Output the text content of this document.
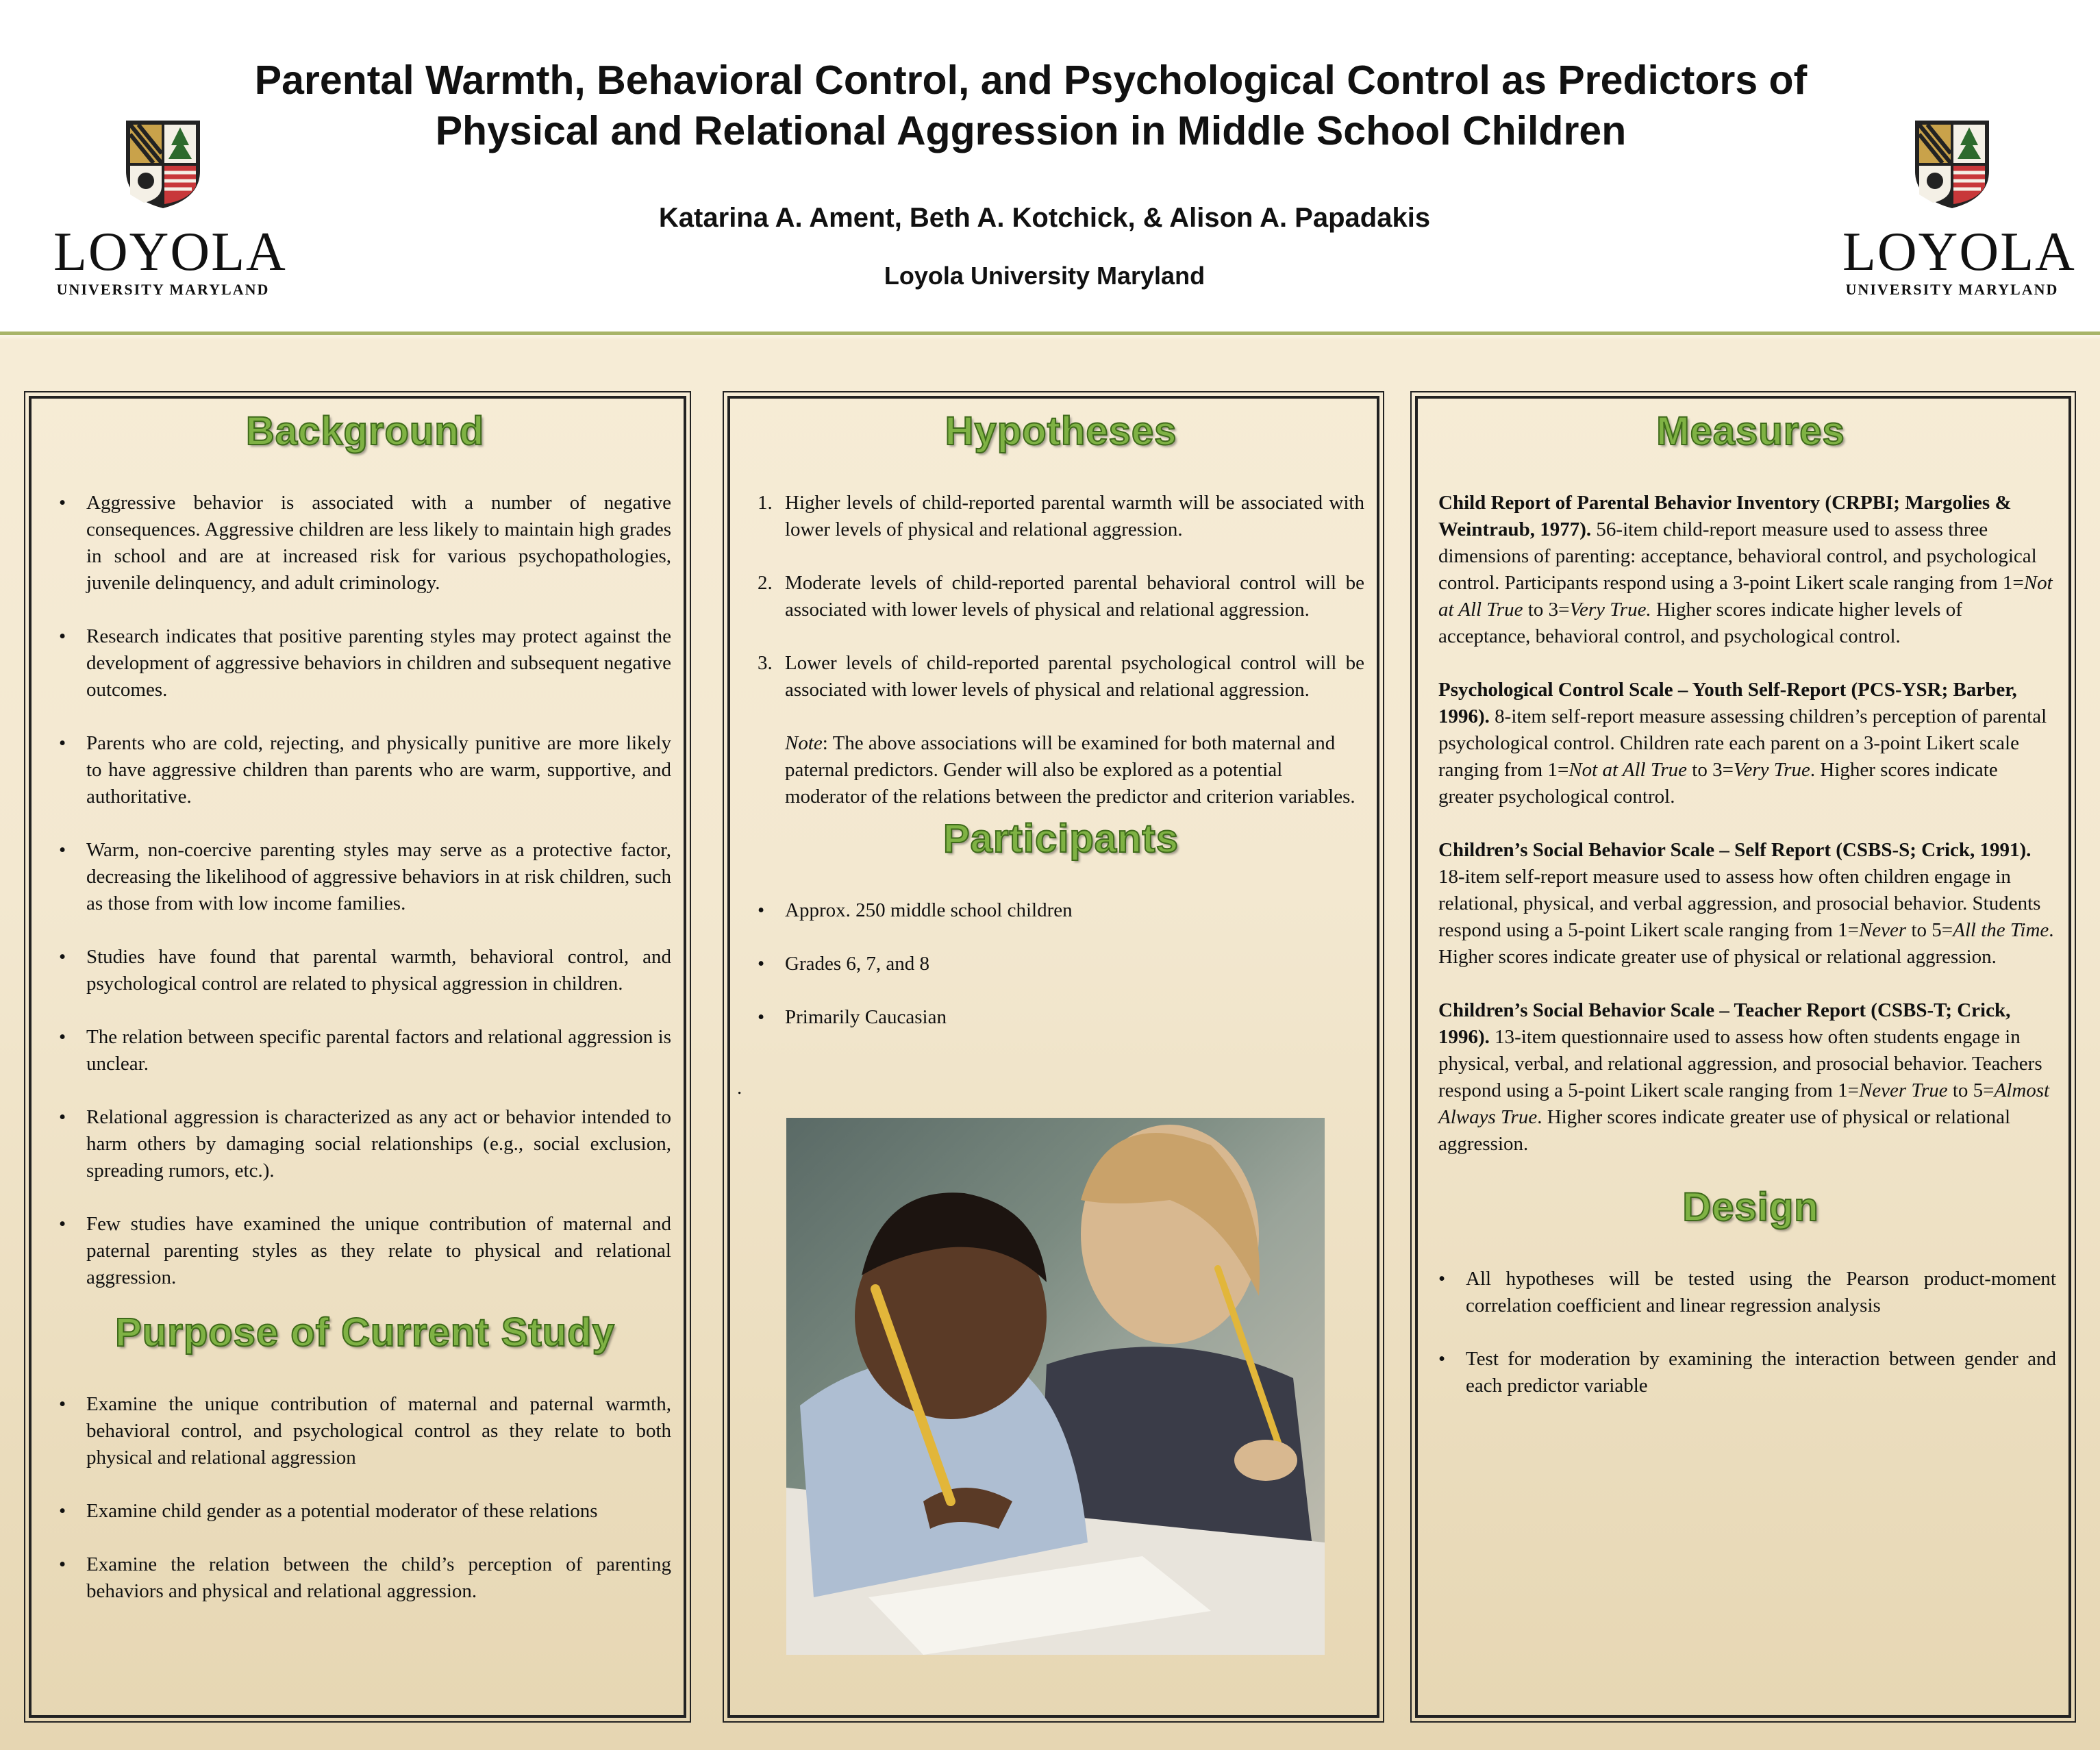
LOYOLA
UNIVERSITY MARYLAND
Parental Warmth, Behavioral Control, and Psychological Control as Predictors of
Physical and Relational Aggression in Middle School Children
Katarina A. Ament, Beth A. Kotchick, & Alison A. Papadakis
Loyola University Maryland	LOYOLA
UNIVERSITY MARYLAND
Background
• Aggressive behavior is associated with a number of negative consequences. Aggressive children are less likely to maintain high grades in school and are at increased risk for various psychopathologies, juvenile delinquency, and adult criminology.
• Research indicates that positive parenting styles may protect against the development of aggressive behaviors in children and subsequent negative outcomes.
• Parents who are cold, rejecting, and physically punitive are more likely to have aggressive children than parents who are warm, supportive, and authoritative.
• Warm, non-coercive parenting styles may serve as a protective factor, decreasing the likelihood of aggressive behaviors in at risk children, such as those from with low income families.
• Studies have found that parental warmth, behavioral control, and psychological control are related to physical aggression in children.
• The relation between specific parental factors and relational aggression is unclear.
• Relational aggression is characterized as any act or behavior intended to harm others by damaging social relationships (e.g., social exclusion, spreading rumors, etc.).
• Few studies have examined the unique contribution of maternal and paternal parenting styles as they relate to physical and relational aggression.
Purpose of Current Study
• Examine the unique contribution of maternal and paternal warmth, behavioral control, and psychological control as they relate to both physical and relational aggression
• Examine child gender as a potential moderator of these relations
• Examine the relation between the child’s perception of parenting behaviors and physical and relational aggression.
Hypotheses
1. Higher levels of child-reported parental warmth will be associated with lower levels of physical and relational aggression.
2. Moderate levels of child-reported parental behavioral control will be associated with lower levels of physical and relational aggression.
3. Lower levels of child-reported parental psychological control will be associated with lower levels of physical and relational aggression.

Note: The above associations will be examined for both maternal and paternal predictors. Gender will also be explored as a potential moderator of the relations between the predictor and criterion variables.

Participants
• Approx. 250 middle school children
• Grades 6, 7, and 8
• Primarily Caucasian
.
Measures

Child Report of Parental Behavior Inventory (CRPBI; Margolies & Weintraub, 1977). 56-item child-report measure used to assess three dimensions of parenting: acceptance, behavioral control, and psychological control. Participants respond using a 3-point Likert scale ranging from 1=Not at All True to 3=Very True. Higher scores indicate higher levels of acceptance, behavioral control, and psychological control.

Psychological Control Scale – Youth Self-Report (PCS-YSR; Barber, 1996). 8-item self-report measure assessing children’s perception of parental psychological control. Children rate each parent on a 3-point Likert scale ranging from 1=Not at All True to 3=Very True. Higher scores indicate greater psychological control.

Children’s Social Behavior Scale – Self Report (CSBS-S; Crick, 1991). 18-item self-report measure used to assess how often children engage in relational, physical, and verbal aggression, and prosocial behavior. Students respond using a 5-point Likert scale ranging from 1=Never to 5=All the Time. Higher scores indicate greater use of physical or relational aggression.

Children’s Social Behavior Scale – Teacher Report (CSBS-T; Crick, 1996). 13-item questionnaire used to assess how often students engage in physical, verbal, and relational aggression, and prosocial behavior. Teachers respond using a 5-point Likert scale ranging from 1=Never True to 5=Almost Always True. Higher scores indicate greater use of physical or relational aggression.

Design
• All hypotheses will be tested using the Pearson product-moment correlation coefficient and linear regression analysis
• Test for moderation by examining the interaction between gender and each predictor variable
